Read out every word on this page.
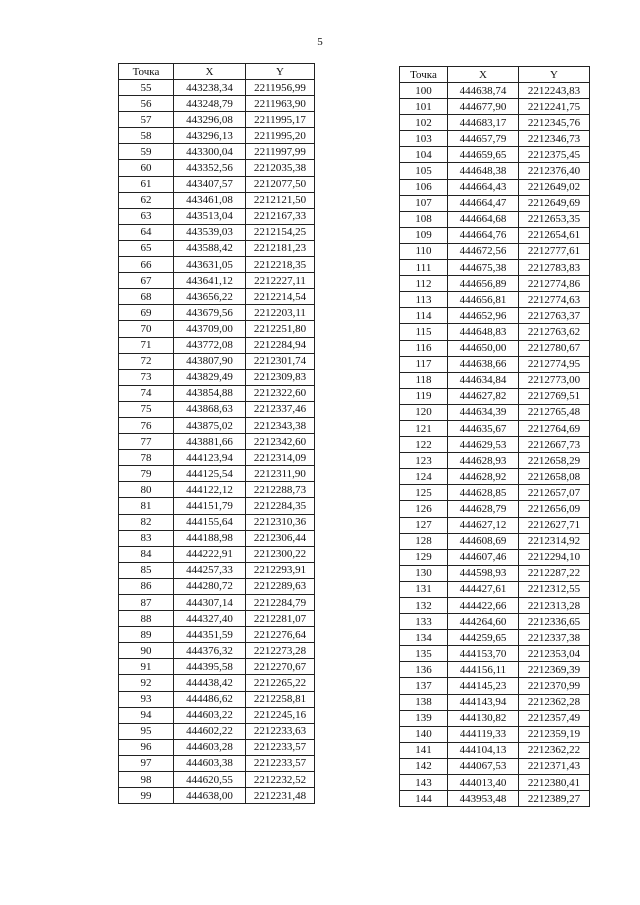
5
Точка	X	Y
55	443238,34	2211956,99
56	443248,79	2211963,90
57	443296,08	2211995,17
58	443296,13	2211995,20
59	443300,04	2211997,99
60	443352,56	2212035,38
61	443407,57	2212077,50
62	443461,08	2212121,50
63	443513,04	2212167,33
64	443539,03	2212154,25
65	443588,42	2212181,23
66	443631,05	2212218,35
67	443641,12	2212227,11
68	443656,22	2212214,54
69	443679,56	2212203,11
70	443709,00	2212251,80
71	443772,08	2212284,94
72	443807,90	2212301,74
73	443829,49	2212309,83
74	443854,88	2212322,60
75	443868,63	2212337,46
76	443875,02	2212343,38
77	443881,66	2212342,60
78	444123,94	2212314,09
79	444125,54	2212311,90
80	444122,12	2212288,73
81	444151,79	2212284,35
82	444155,64	2212310,36
83	444188,98	2212306,44
84	444222,91	2212300,22
85	444257,33	2212293,91
86	444280,72	2212289,63
87	444307,14	2212284,79
88	444327,40	2212281,07
89	444351,59	2212276,64
90	444376,32	2212273,28
91	444395,58	2212270,67
92	444438,42	2212265,22
93	444486,62	2212258,81
94	444603,22	2212245,16
95	444602,22	2212233,63
96	444603,28	2212233,57
97	444603,38	2212233,57
98	444620,55	2212232,52
99	444638,00	2212231,48
Точка	X	Y
100	444638,74	2212243,83
101	444677,90	2212241,75
102	444683,17	2212345,76
103	444657,79	2212346,73
104	444659,65	2212375,45
105	444648,38	2212376,40
106	444664,43	2212649,02
107	444664,47	2212649,69
108	444664,68	2212653,35
109	444664,76	2212654,61
110	444672,56	2212777,61
111	444675,38	2212783,83
112	444656,89	2212774,86
113	444656,81	2212774,63
114	444652,96	2212763,37
115	444648,83	2212763,62
116	444650,00	2212780,67
117	444638,66	2212774,95
118	444634,84	2212773,00
119	444627,82	2212769,51
120	444634,39	2212765,48
121	444635,67	2212764,69
122	444629,53	2212667,73
123	444628,93	2212658,29
124	444628,92	2212658,08
125	444628,85	2212657,07
126	444628,79	2212656,09
127	444627,12	2212627,71
128	444608,69	2212314,92
129	444607,46	2212294,10
130	444598,93	2212287,22
131	444427,61	2212312,55
132	444422,66	2212313,28
133	444264,60	2212336,65
134	444259,65	2212337,38
135	444153,70	2212353,04
136	444156,11	2212369,39
137	444145,23	2212370,99
138	444143,94	2212362,28
139	444130,82	2212357,49
140	444119,33	2212359,19
141	444104,13	2212362,22
142	444067,53	2212371,43
143	444013,40	2212380,41
144	443953,48	2212389,27
